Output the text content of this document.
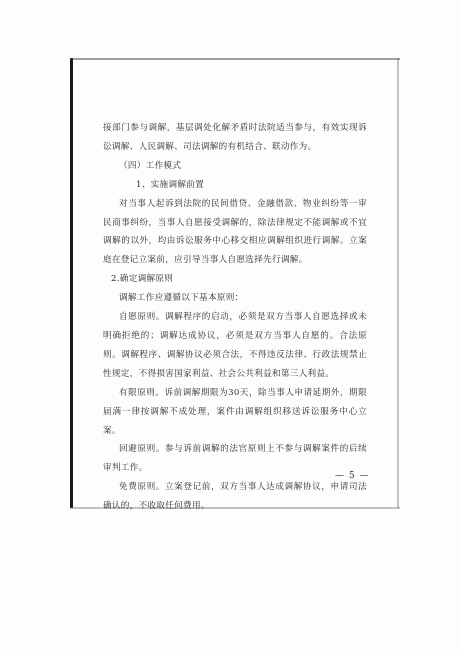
接部门参与调解，基层调处化解矛盾时法院适当参与，有效实现诉讼调解、人民调解、司法调解的有机结合、联动作为。

（四）工作模式

1、实施调解前置

对当事人起诉到法院的民间借贷、金融借款、物业纠纷等一审民商事纠纷，当事人自愿接受调解的，除法律规定不能调解或不宜调解的以外，均由诉讼服务中心移交相应调解组织进行调解。立案庭在登记立案前，应引导当事人自愿选择先行调解。

2.确定调解原则

调解工作应遵循以下基本原则：

自愿原则。调解程序的启动，必须是双方当事人自愿选择或未明确拒绝的；调解达成协议，必须是双方当事人自愿的。合法原则。调解程序、调解协议必须合法，不得违反法律、行政法规禁止性规定，不得损害国家利益、社会公共利益和第三人利益。

有限原则。诉前调解期限为30天，除当事人申请延期外，期限届满一律按调解不成处理，案件由调解组织移送诉讼服务中心立案。

回避原则。参与诉前调解的法官原则上不参与调解案件的后续审判工作。

免费原则。立案登记前，双方当事人达成调解协议，申请司法确认的，不收取任何费用。

— 5 —
